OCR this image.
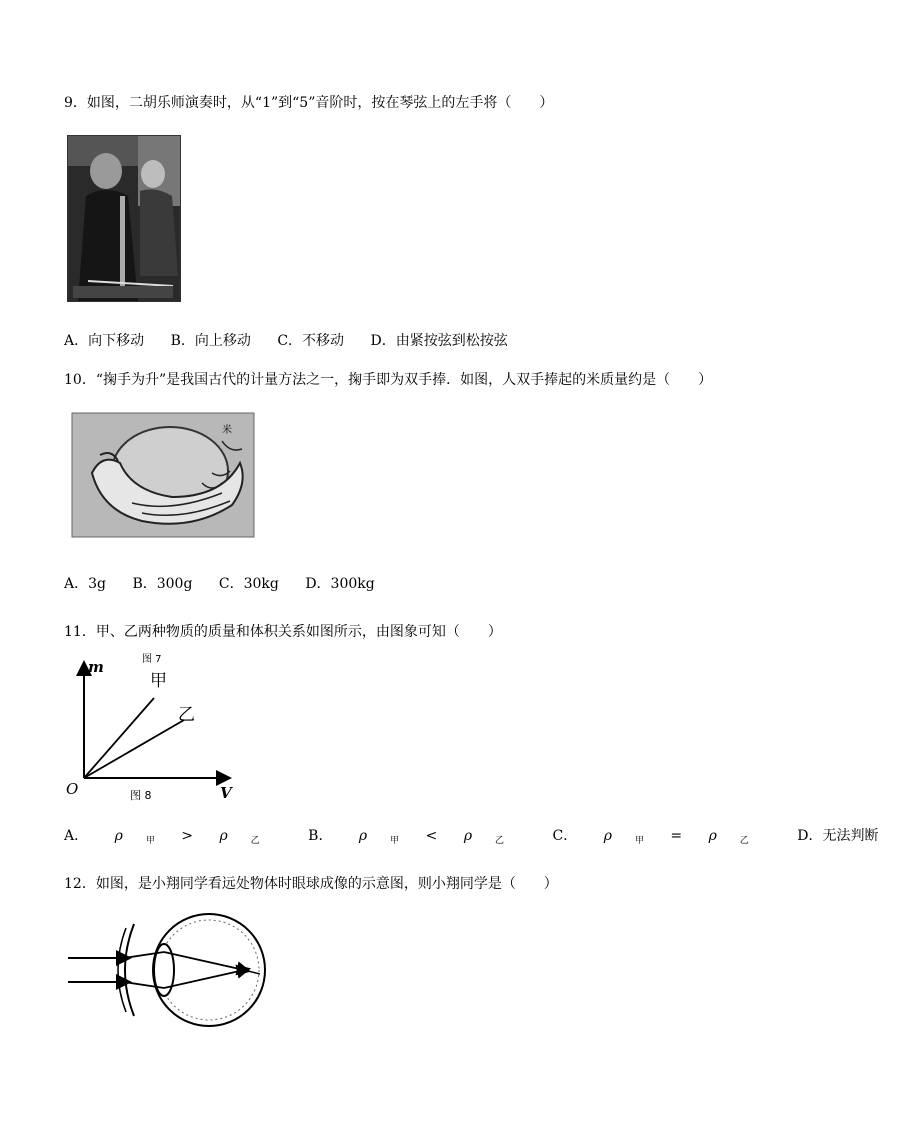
9．如图，二胡乐师演奏时，从“1”到“5”音阶时，按在琴弦上的左手将（　　）
A．向下移动 B．向上移动 C．不移动 D．由紧按弦到松按弦
10．“掬手为升”是我国古代的计量方法之一，掬手即为双手捧．如图，人双手捧起的米质量约是（　　）
米
A．3g B．300g C．30kg D．300kg
11．甲、乙两种物质的质量和体积关系如图所示，由图象可知（　　）
m	图 7
甲
乙
O	图 8	V
A． ρ	$_甲$ > ρ	$_乙$	B． ρ	$_甲$ < ρ	$_乙$	C． ρ	$_甲$ = ρ	$_乙$	D．无法判断
12．如图，是小翔同学看远处物体时眼球成像的示意图，则小翔同学是（　　）
